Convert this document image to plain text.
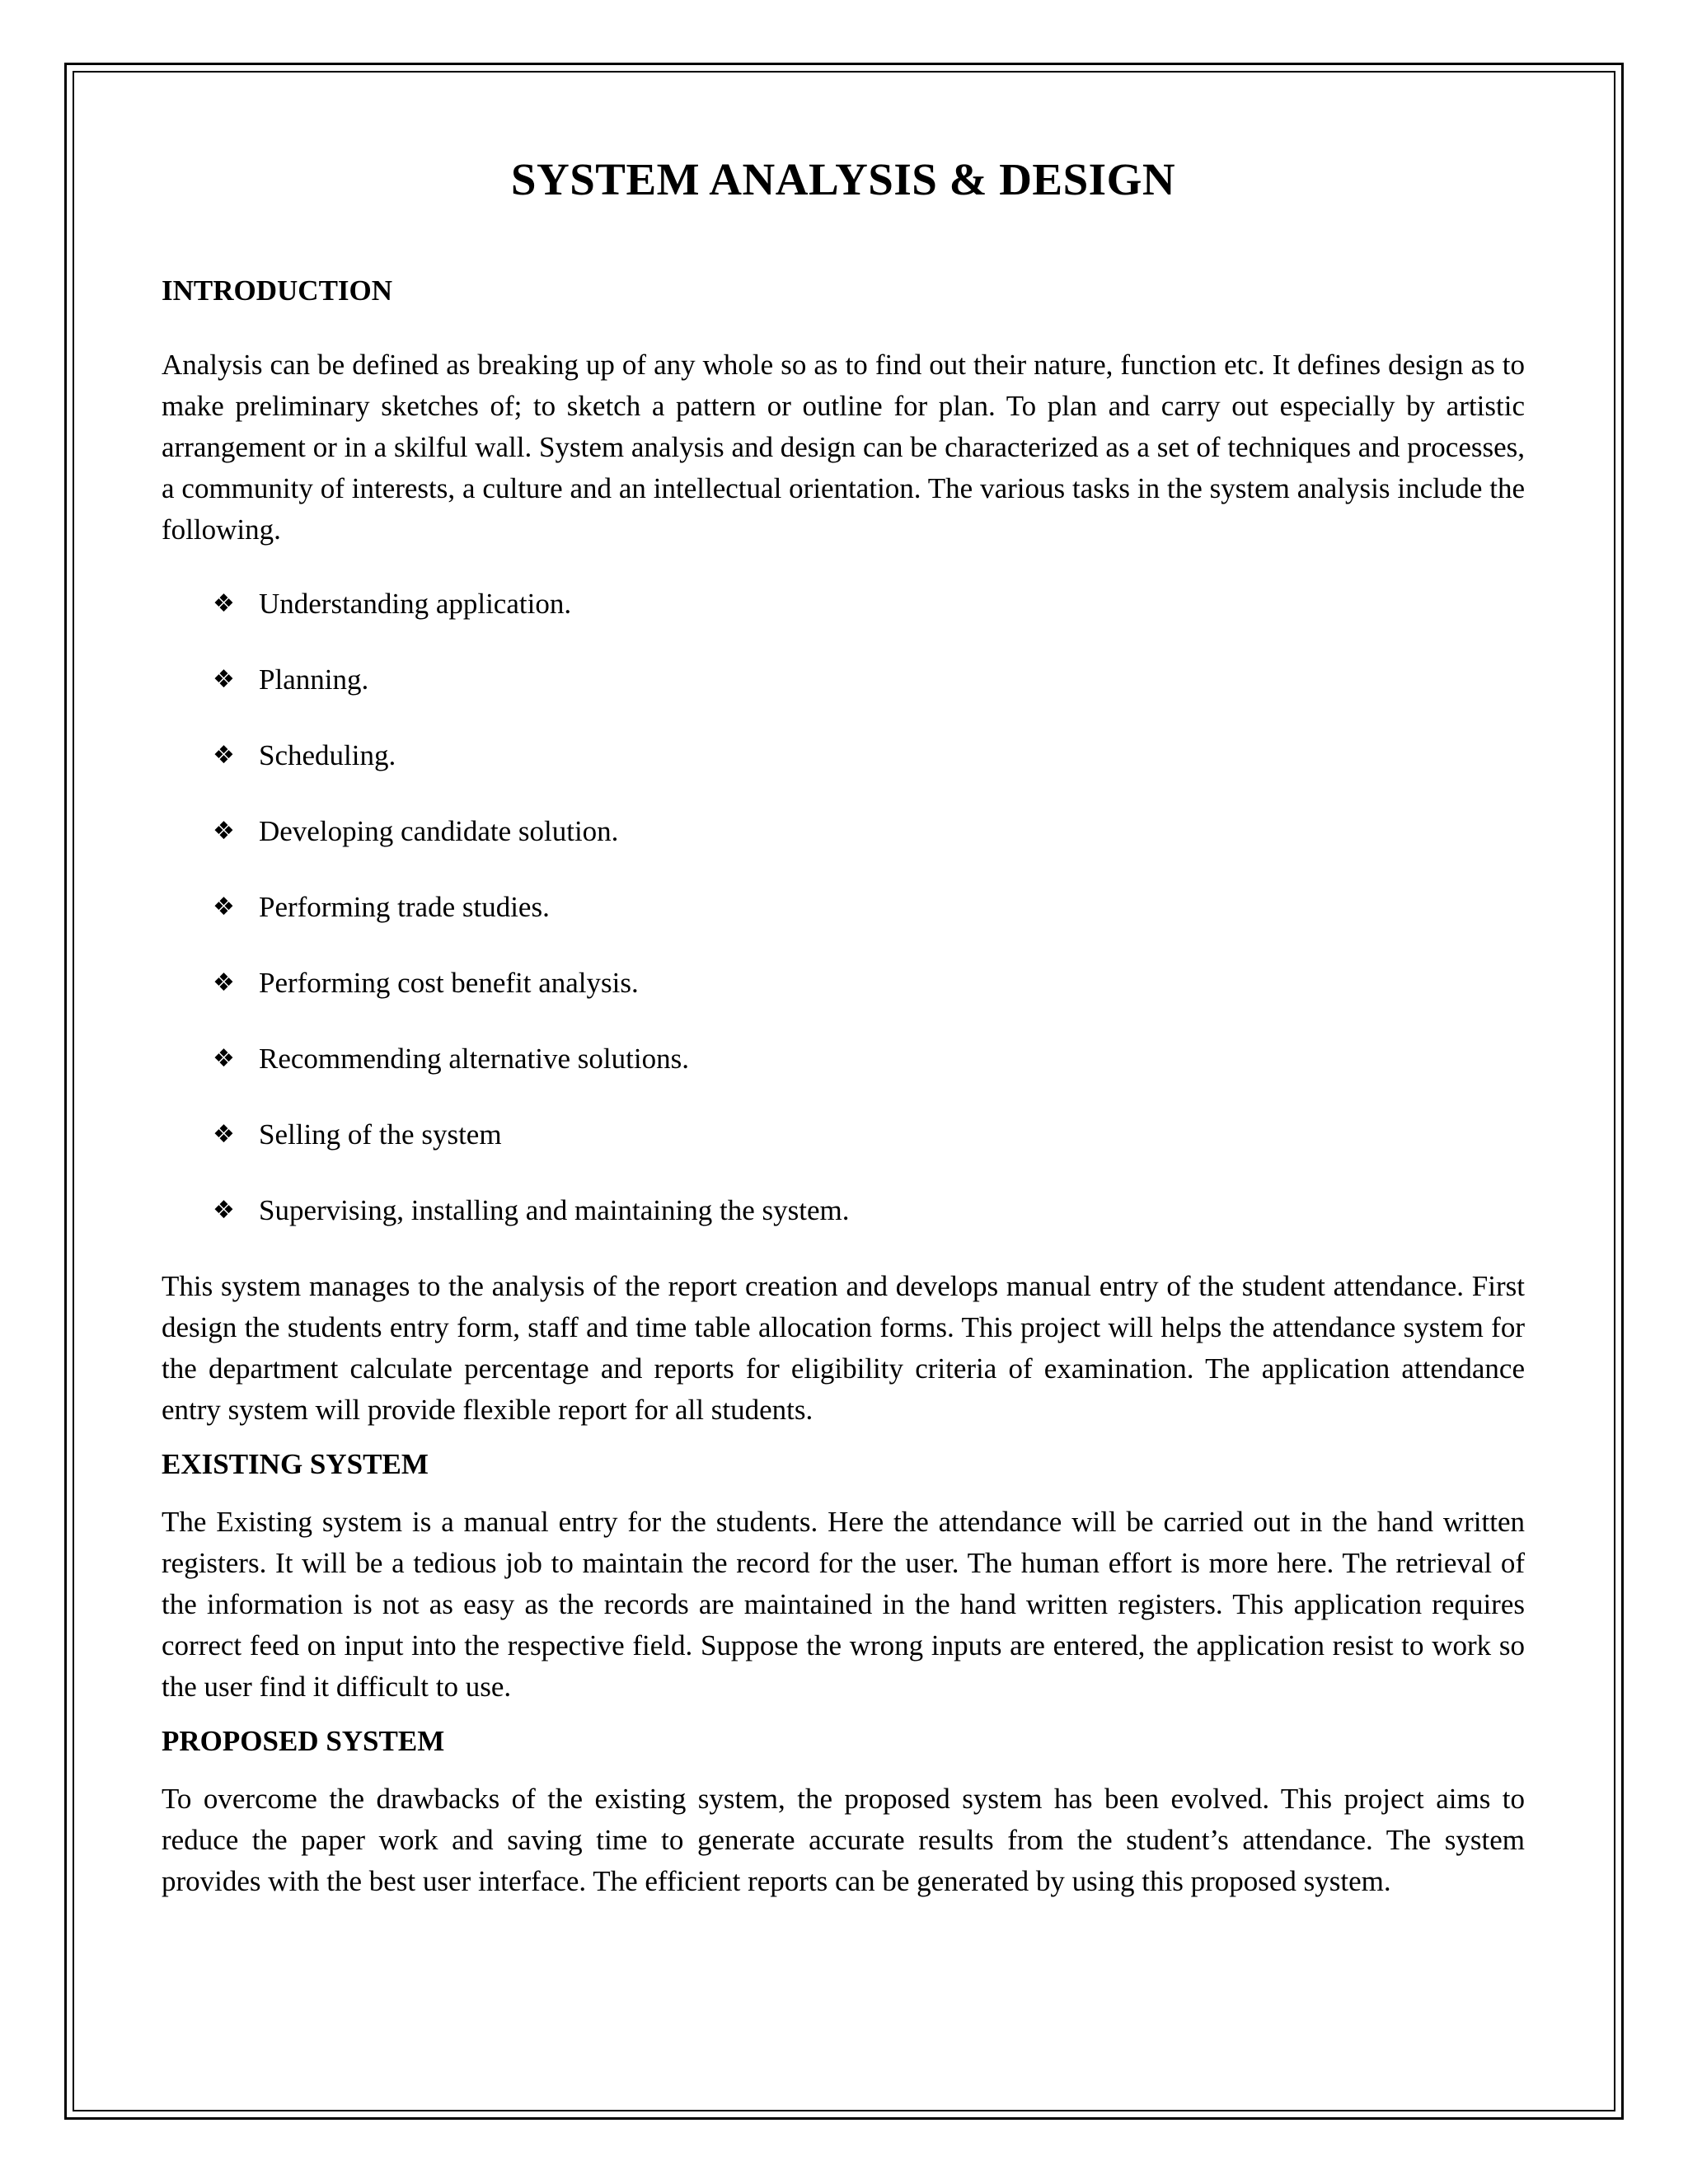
SYSTEM ANALYSIS & DESIGN
INTRODUCTION

Analysis can be defined as breaking up of any whole so as to find out their nature, function etc. It defines design as to make preliminary sketches of; to sketch a pattern or outline for plan. To plan and carry out especially by artistic arrangement or in a skilful wall. System analysis and design can be characterized as a set of techniques and processes, a community of interests, a culture and an intellectual orientation. The various tasks in the system analysis include the following.

❖ Understanding application.
❖ Planning.
❖ Scheduling.
❖ Developing candidate solution.
❖ Performing trade studies.
❖ Performing cost benefit analysis.
❖ Recommending alternative solutions.
❖ Selling of the system
❖ Supervising, installing and maintaining the system.

This system manages to the analysis of the report creation and develops manual entry of the student attendance. First design the students entry form, staff and time table allocation forms. This project will helps the attendance system for the department calculate percentage and reports for eligibility criteria of examination. The application attendance entry system will provide flexible report for all students.

EXISTING SYSTEM

The Existing system is a manual entry for the students. Here the attendance will be carried out in the hand written registers. It will be a tedious job to maintain the record for the user. The human effort is more here. The retrieval of the information is not as easy as the records are maintained in the hand written registers. This application requires correct feed on input into the respective field. Suppose the wrong inputs are entered, the application resist to work so the user find it difficult to use.

PROPOSED SYSTEM

To overcome the drawbacks of the existing system, the proposed system has been evolved. This project aims to reduce the paper work and saving time to generate accurate results from the student’s attendance. The system provides with the best user interface. The efficient reports can be generated by using this proposed system.
